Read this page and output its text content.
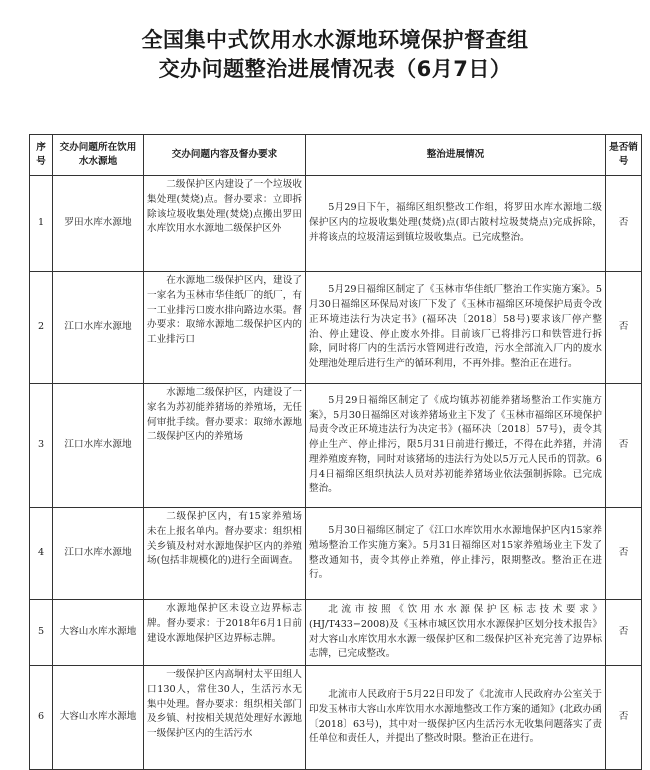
全国集中式饮用水水源地环境保护督查组
交办问题整治进展情况表（6月7日）
序号	交办问题所在饮用水水源地	交办问题内容及督办要求	整治进展情况	是否销号
1	罗田水库水源地	二级保护区内建设了一个垃圾收集处理(焚烧)点。督办要求：立即拆除该垃圾收集处理(焚烧)点搬出罗田水库饮用水水源地二级保护区外	5月29日下午，福绵区组织整改工作组，将罗田水库水源地二级保护区内的垃圾收集处理(焚烧)点(即古陂村垃圾焚烧点)完成拆除，并将该点的垃圾清运到镇垃圾收集点。已完成整治。	否
2	江口水库水源地	在水源地二级保护区内，建设了一家名为玉林市华佳纸厂的纸厂，有一工业排污口废水排向路边水渠。督办要求：取缔水源地二级保护区内的工业排污口	5月29日福绵区制定了《玉林市华佳纸厂整治工作实施方案》。5月30日福绵区环保局对该厂下发了《玉林市福绵区环境保护局责令改正环境违法行为决定书》(福环决〔2018〕58号)要求该厂停产整治、停止建设、停止废水外排。目前该厂已将排污口和铁管进行拆除，同时将厂内的生活污水管网进行改造，污水全部流入厂内的废水处理池处理后进行生产的循环利用，不再外排。整治正在进行。	否
3	江口水库水源地	水源地二级保护区，内建设了一家名为苏初能养猪场的养殖场，无任何审批手续。督办要求：取缔水源地二级保护区内的养殖场	5月29日福绵区制定了《成均镇苏初能养猪场整治工作实施方案》，5月30日福绵区对该养猪场业主下发了《玉林市福绵区环境保护局责令改正环境违法行为决定书》(福环决〔2018〕57号)，责令其停止生产、停止排污，限5月31日前进行搬迁，不得在此养猪，并清理养殖废弃物，同时对该猪场的违法行为处以5万元人民币的罚款。6月4日福绵区组织执法人员对苏初能养猪场业依法强制拆除。已完成整治。	否
4	江口水库水源地	二级保护区内，有15家养殖场未在上报名单内。督办要求：组织相关乡镇及村对水源地保护区内的养殖场(包括非规模化的)进行全面调查。	5月30日福绵区制定了《江口水库饮用水水源地保护区内15家养殖场整治工作实施方案》。5月31日福绵区对15家养殖场业主下发了整改通知书，责令其停止养殖，停止排污，限期整改。整治正在进行。	否
5	大容山水库水源地	水源地保护区未设立边界标志牌。督办要求：于2018年6月1日前建设水源地保护区边界标志牌。	北流市按照《饮用水水源保护区标志技术要求》(HJ/T433−2008)及《玉林市城区饮用水水源保护区划分技术报告》对大容山水库饮用水水源一级保护区和二级保护区补充完善了边界标志牌，已完成整改。	否
6	大容山水库水源地	一级保护区内高垌村太平田组人口130人，常住30人，生活污水无集中处理。督办要求：组织相关部门及乡镇、村按相关规范处理好水源地一级保护区内的生活污水	北流市人民政府于5月22日印发了《北流市人民政府办公室关于印发玉林市大容山水库饮用水水源地整改工作方案的通知》(北政办函〔2018〕63号)，其中对一级保护区内生活污水无收集问题落实了责任单位和责任人，并提出了整改时限。整治正在进行。	否
